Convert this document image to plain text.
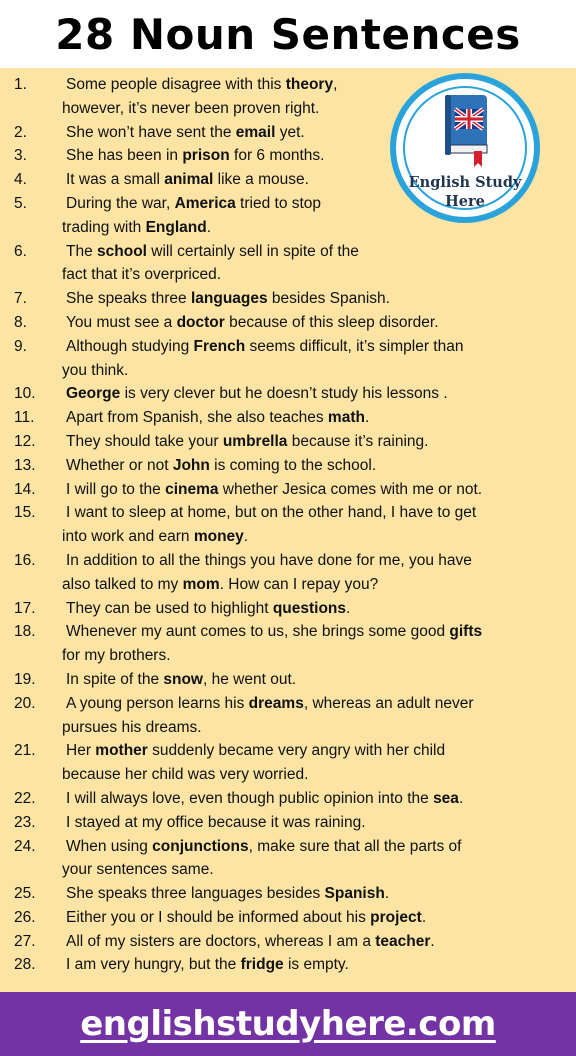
28 Noun Sentences
1.	Some people disagree with this theory,
however, it’s never been proven right.
2.	She won’t have sent the email yet.
3.	She has been in prison for 6 months.
4.	It was a small animal like a mouse.
5.	During the war, America tried to stop
trading with England.
6.	The school will certainly sell in spite of the
fact that it’s overpriced.
7.	She speaks three languages besides Spanish.
8.	You must see a doctor because of this sleep disorder.
9.	Although studying French seems difficult, it’s simpler than
you think.
10.	George is very clever but he doesn’t study his lessons .
11.	Apart from Spanish, she also teaches math.
12.	They should take your umbrella because it’s raining.
13.	Whether or not John is coming to the school.
14.	I will go to the cinema whether Jesica comes with me or not.
15.	I want to sleep at home, but on the other hand, I have to get
into work and earn money.
16.	In addition to all the things you have done for me, you have
also talked to my mom. How can I repay you?
17.	They can be used to highlight questions.
18.	Whenever my aunt comes to us, she brings some good gifts
for my brothers.
19.	In spite of the snow, he went out.
20.	A young person learns his dreams, whereas an adult never
pursues his dreams.
21.	Her mother suddenly became very angry with her child
because her child was very worried.
22.	I will always love, even though public opinion into the sea.
23.	I stayed at my office because it was raining.
24.	When using conjunctions, make sure that all the parts of
your sentences same.
25.	She speaks three languages besides Spanish.
26.	Either you or I should be informed about his project.
27.	All of my sisters are doctors, whereas I am a teacher.
28.	I am very hungry, but the fridge is empty.
English Study
Here
englishstudyhere.com
